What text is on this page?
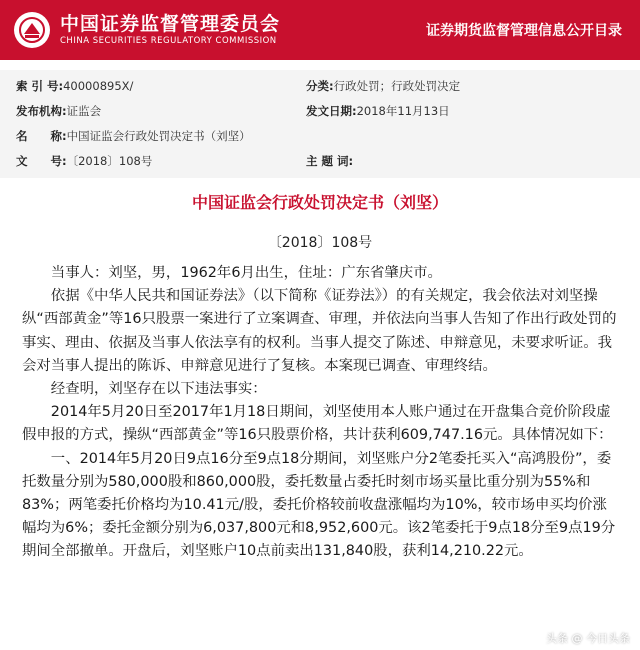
中国证券监督管理委员会
CHINA SECURITIES REGULATORY COMMISSION
证券期货监督管理信息公开目录
索 引 号:40000895X/	分类:行政处罚；行政处罚决定
发布机构:证监会	发文日期:2018年11月13日
名　　称:中国证监会行政处罚决定书（刘坚）
文　　号:〔2018〕108号	主 题 词:
中国证监会行政处罚决定书（刘坚）
〔2018〕108号

当事人：刘坚，男，1962年6月出生，住址：广东省肇庆市。

依据《中华人民共和国证券法》（以下简称《证券法》）的有关规定，我会依法对刘坚操纵“西部黄金”等16只股票一案进行了立案调查、审理，并依法向当事人告知了作出行政处罚的事实、理由、依据及当事人依法享有的权利。当事人提交了陈述、申辩意见，未要求听证。我会对当事人提出的陈诉、申辩意见进行了复核。本案现已调查、审理终结。

经查明，刘坚存在以下违法事实：

2014年5月20日至2017年1月18日期间，刘坚使用本人账户通过在开盘集合竞价阶段虚假申报的方式，操纵“西部黄金”等16只股票价格，共计获利609,747.16元。具体情况如下：

一、2014年5月20日9点16分至9点18分期间，刘坚账户分2笔委托买入“高鸿股份”，委托数量分别为580,000股和860,000股，委托数量占委托时刻市场买量比重分别为55%和83%；两笔委托价格均为10.41元/股，委托价格较前收盘涨幅均为10%，较市场申买均价涨幅均为6%；委托金额分别为6,037,800元和8,952,600元。该2笔委托于9点18分至9点19分期间全部撤单。开盘后，刘坚账户10点前卖出131,840股，获利14,210.22元。

头条 @ 今日头条
